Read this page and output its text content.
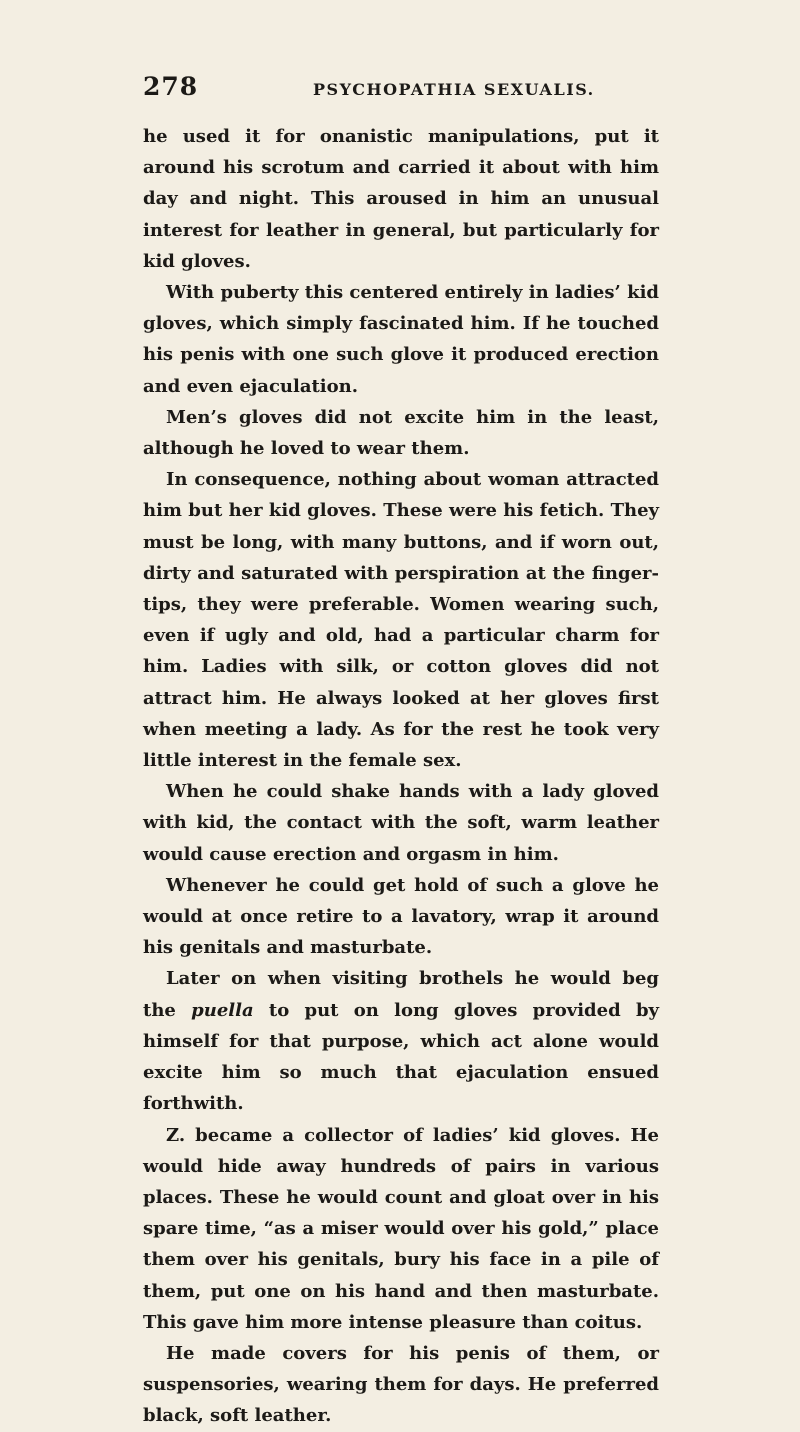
278	PSYCHOPATHIA SEXUALIS.

he used it for onanistic manipulations, put it around his scrotum and carried it about with him day and night. This aroused in him an unusual interest for leather in general, but particularly for kid gloves.

With puberty this centered entirely in ladies’ kid gloves, which simply fascinated him. If he touched his penis with one such glove it produced erection and even ejaculation.

Men’s gloves did not excite him in the least, although he loved to wear them.

In consequence, nothing about woman attracted him but her kid gloves. These were his fetich. They must be long, with many buttons, and if worn out, dirty and saturated with perspiration at the finger-tips, they were preferable. Women wearing such, even if ugly and old, had a particular charm for him. Ladies with silk, or cotton gloves did not attract him. He always looked at her gloves first when meeting a lady. As for the rest he took very little interest in the female sex.

When he could shake hands with a lady gloved with kid, the contact with the soft, warm leather would cause erection and orgasm in him.

Whenever he could get hold of such a glove he would at once retire to a lavatory, wrap it around his genitals and masturbate.

Later on when visiting brothels he would beg the puella to put on long gloves provided by himself for that purpose, which act alone would excite him so much that ejaculation ensued forthwith.

Z. became a collector of ladies’ kid gloves. He would hide away hundreds of pairs in various places. These he would count and gloat over in his spare time, “as a miser would over his gold,” place them over his genitals, bury his face in a pile of them, put one on his hand and then masturbate. This gave him more intense pleasure than coitus.

He made covers for his penis of them, or suspensories, wearing them for days. He preferred black, soft leather.
